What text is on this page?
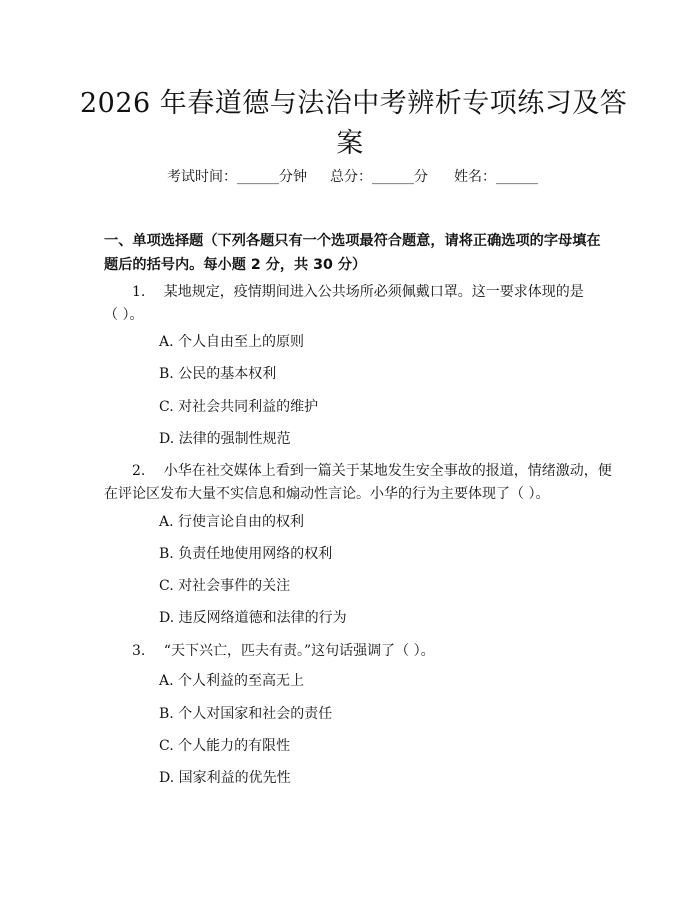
2026 年春道德与法治中考辨析专项练习及答
案
考试时间：______分钟 总分：______分 姓名：______
一、单项选择题（下列各题只有一个选项最符合题意，请将正确选项的字母填在
题后的括号内。每小题 2 分，共 30 分）
1.　 某地规定，疫情期间进入公共场所必须佩戴口罩。这一要求体现的是
（ ）。
A. 个人自由至上的原则
B. 公民的基本权利
C. 对社会共同利益的维护
D. 法律的强制性规范
2.　 小华在社交媒体上看到一篇关于某地发生安全事故的报道，情绪激动，便
在评论区发布大量不实信息和煽动性言论。小华的行为主要体现了（ ）。
A. 行使言论自由的权利
B. 负责任地使用网络的权利
C. 对社会事件的关注
D. 违反网络道德和法律的行为
3.　 “天下兴亡，匹夫有责。”这句话强调了（ ）。
A. 个人利益的至高无上
B. 个人对国家和社会的责任
C. 个人能力的有限性
D. 国家利益的优先性
